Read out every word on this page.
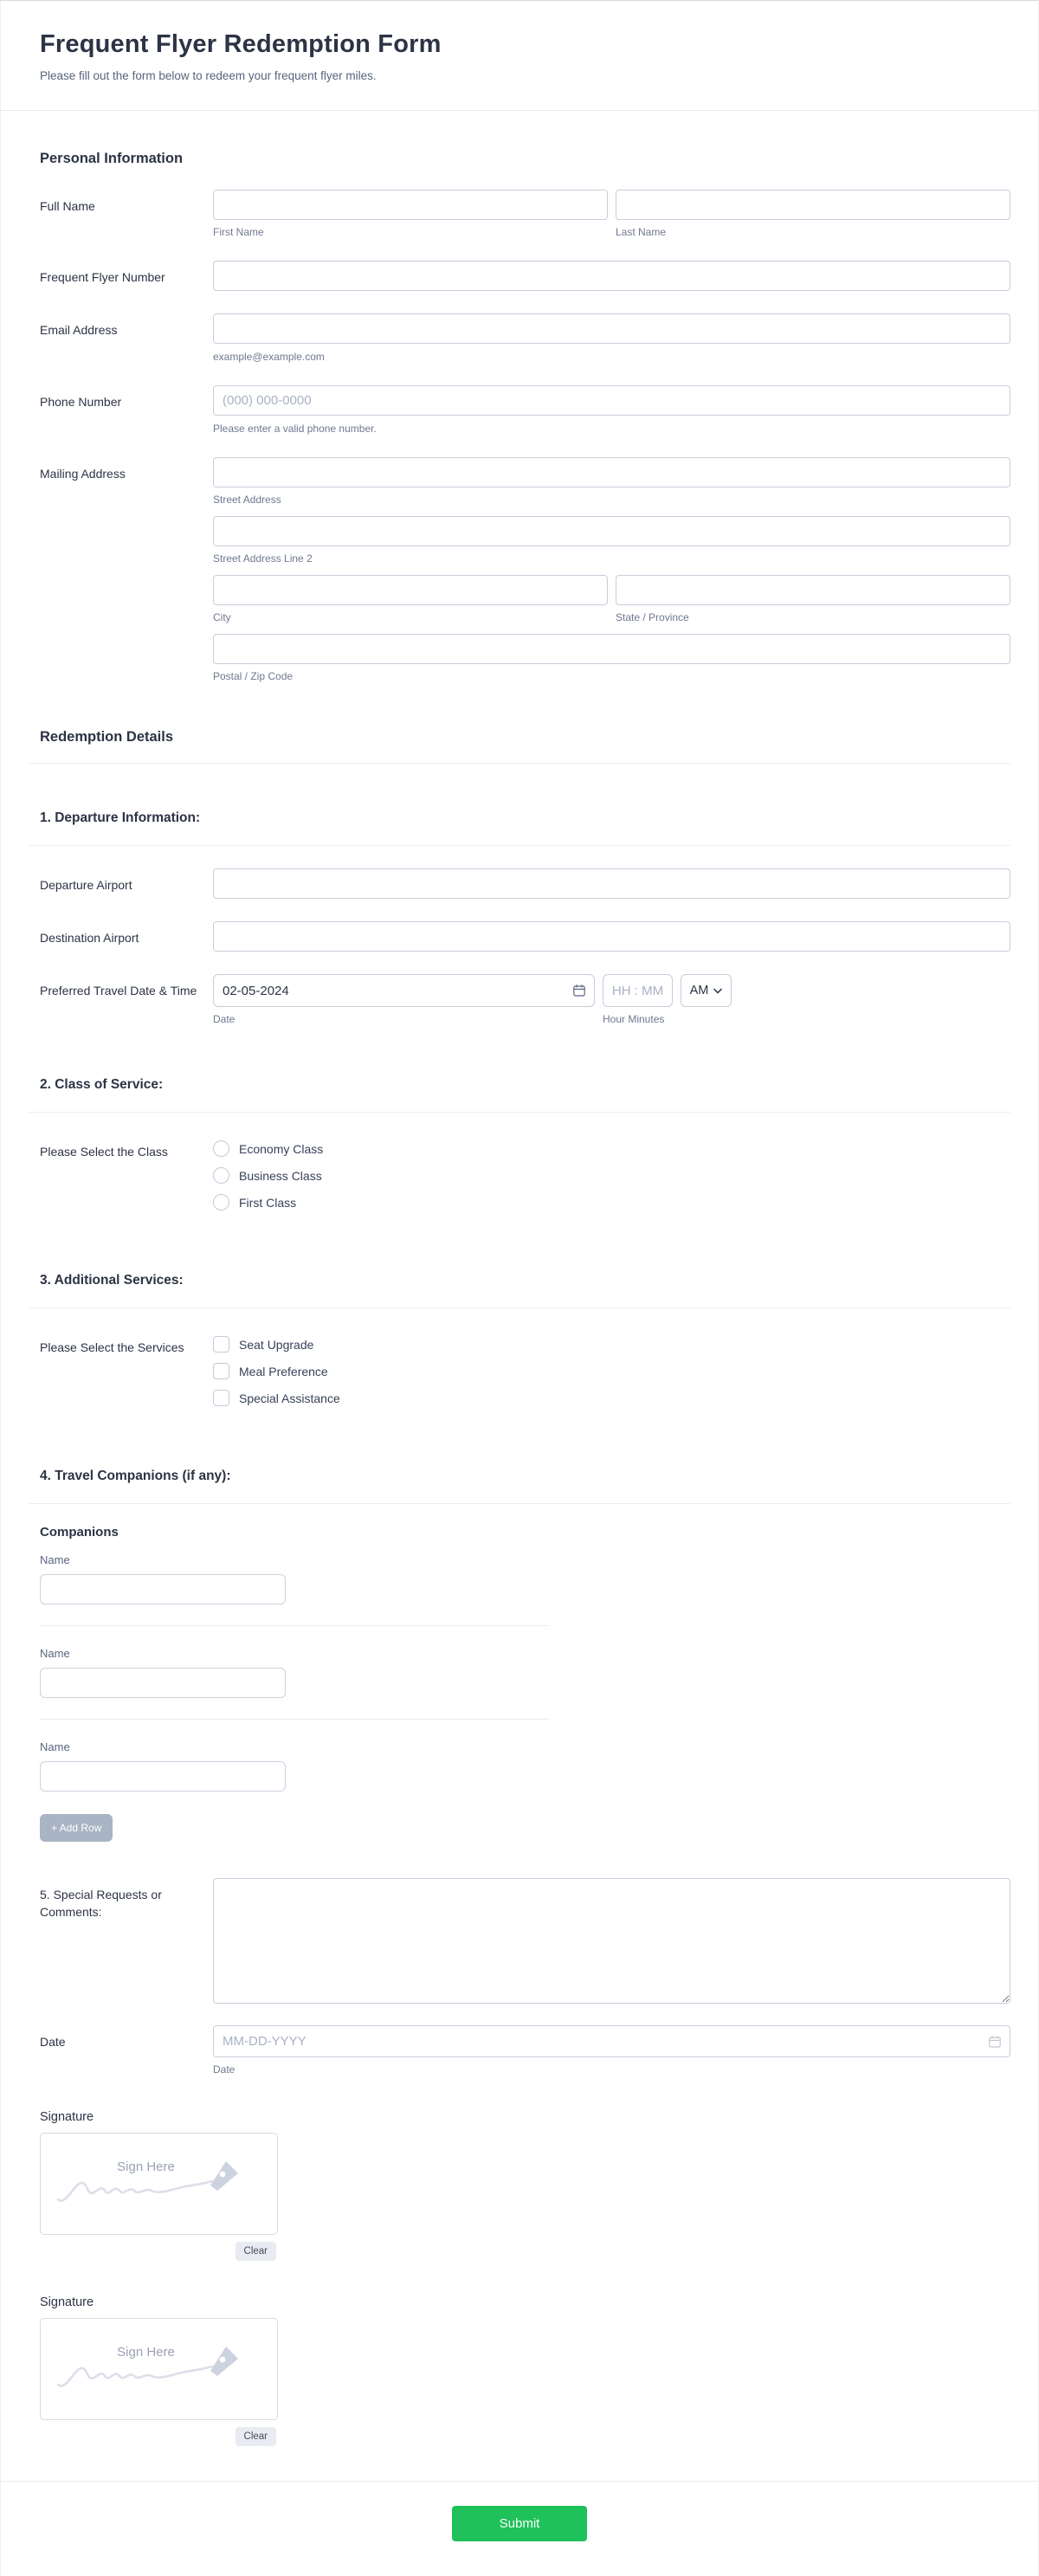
Frequent Flyer Redemption Form

Please fill out the form below to redeem your frequent flyer miles.

Personal Information
Full Name
First Name	Last Name
Frequent Flyer Number
Email Address
example@example.com
Phone Number
(000) 000-0000
Please enter a valid phone number.
Mailing Address
Street Address
Street Address Line 2
City	State / Province
Postal / Zip Code
Redemption Details
1. Departure Information:
Departure Airport
Destination Airport
Preferred Travel Date & Time
02-05-2024
Date
HH : MM	Hour Minutes
AM
2. Class of Service:
Please Select the Class	Economy Class
Business Class
First Class
3. Additional Services:
Please Select the Services	Seat Upgrade
Meal Preference
Special Assistance
4. Travel Companions (if any):
Companions
Name
Name
Name
+ Add Row
5. Special Requests or Comments:
Date
MM-DD-YYYY
Date
Signature
Sign Here
Clear
Signature
Sign Here
Clear
Submit
